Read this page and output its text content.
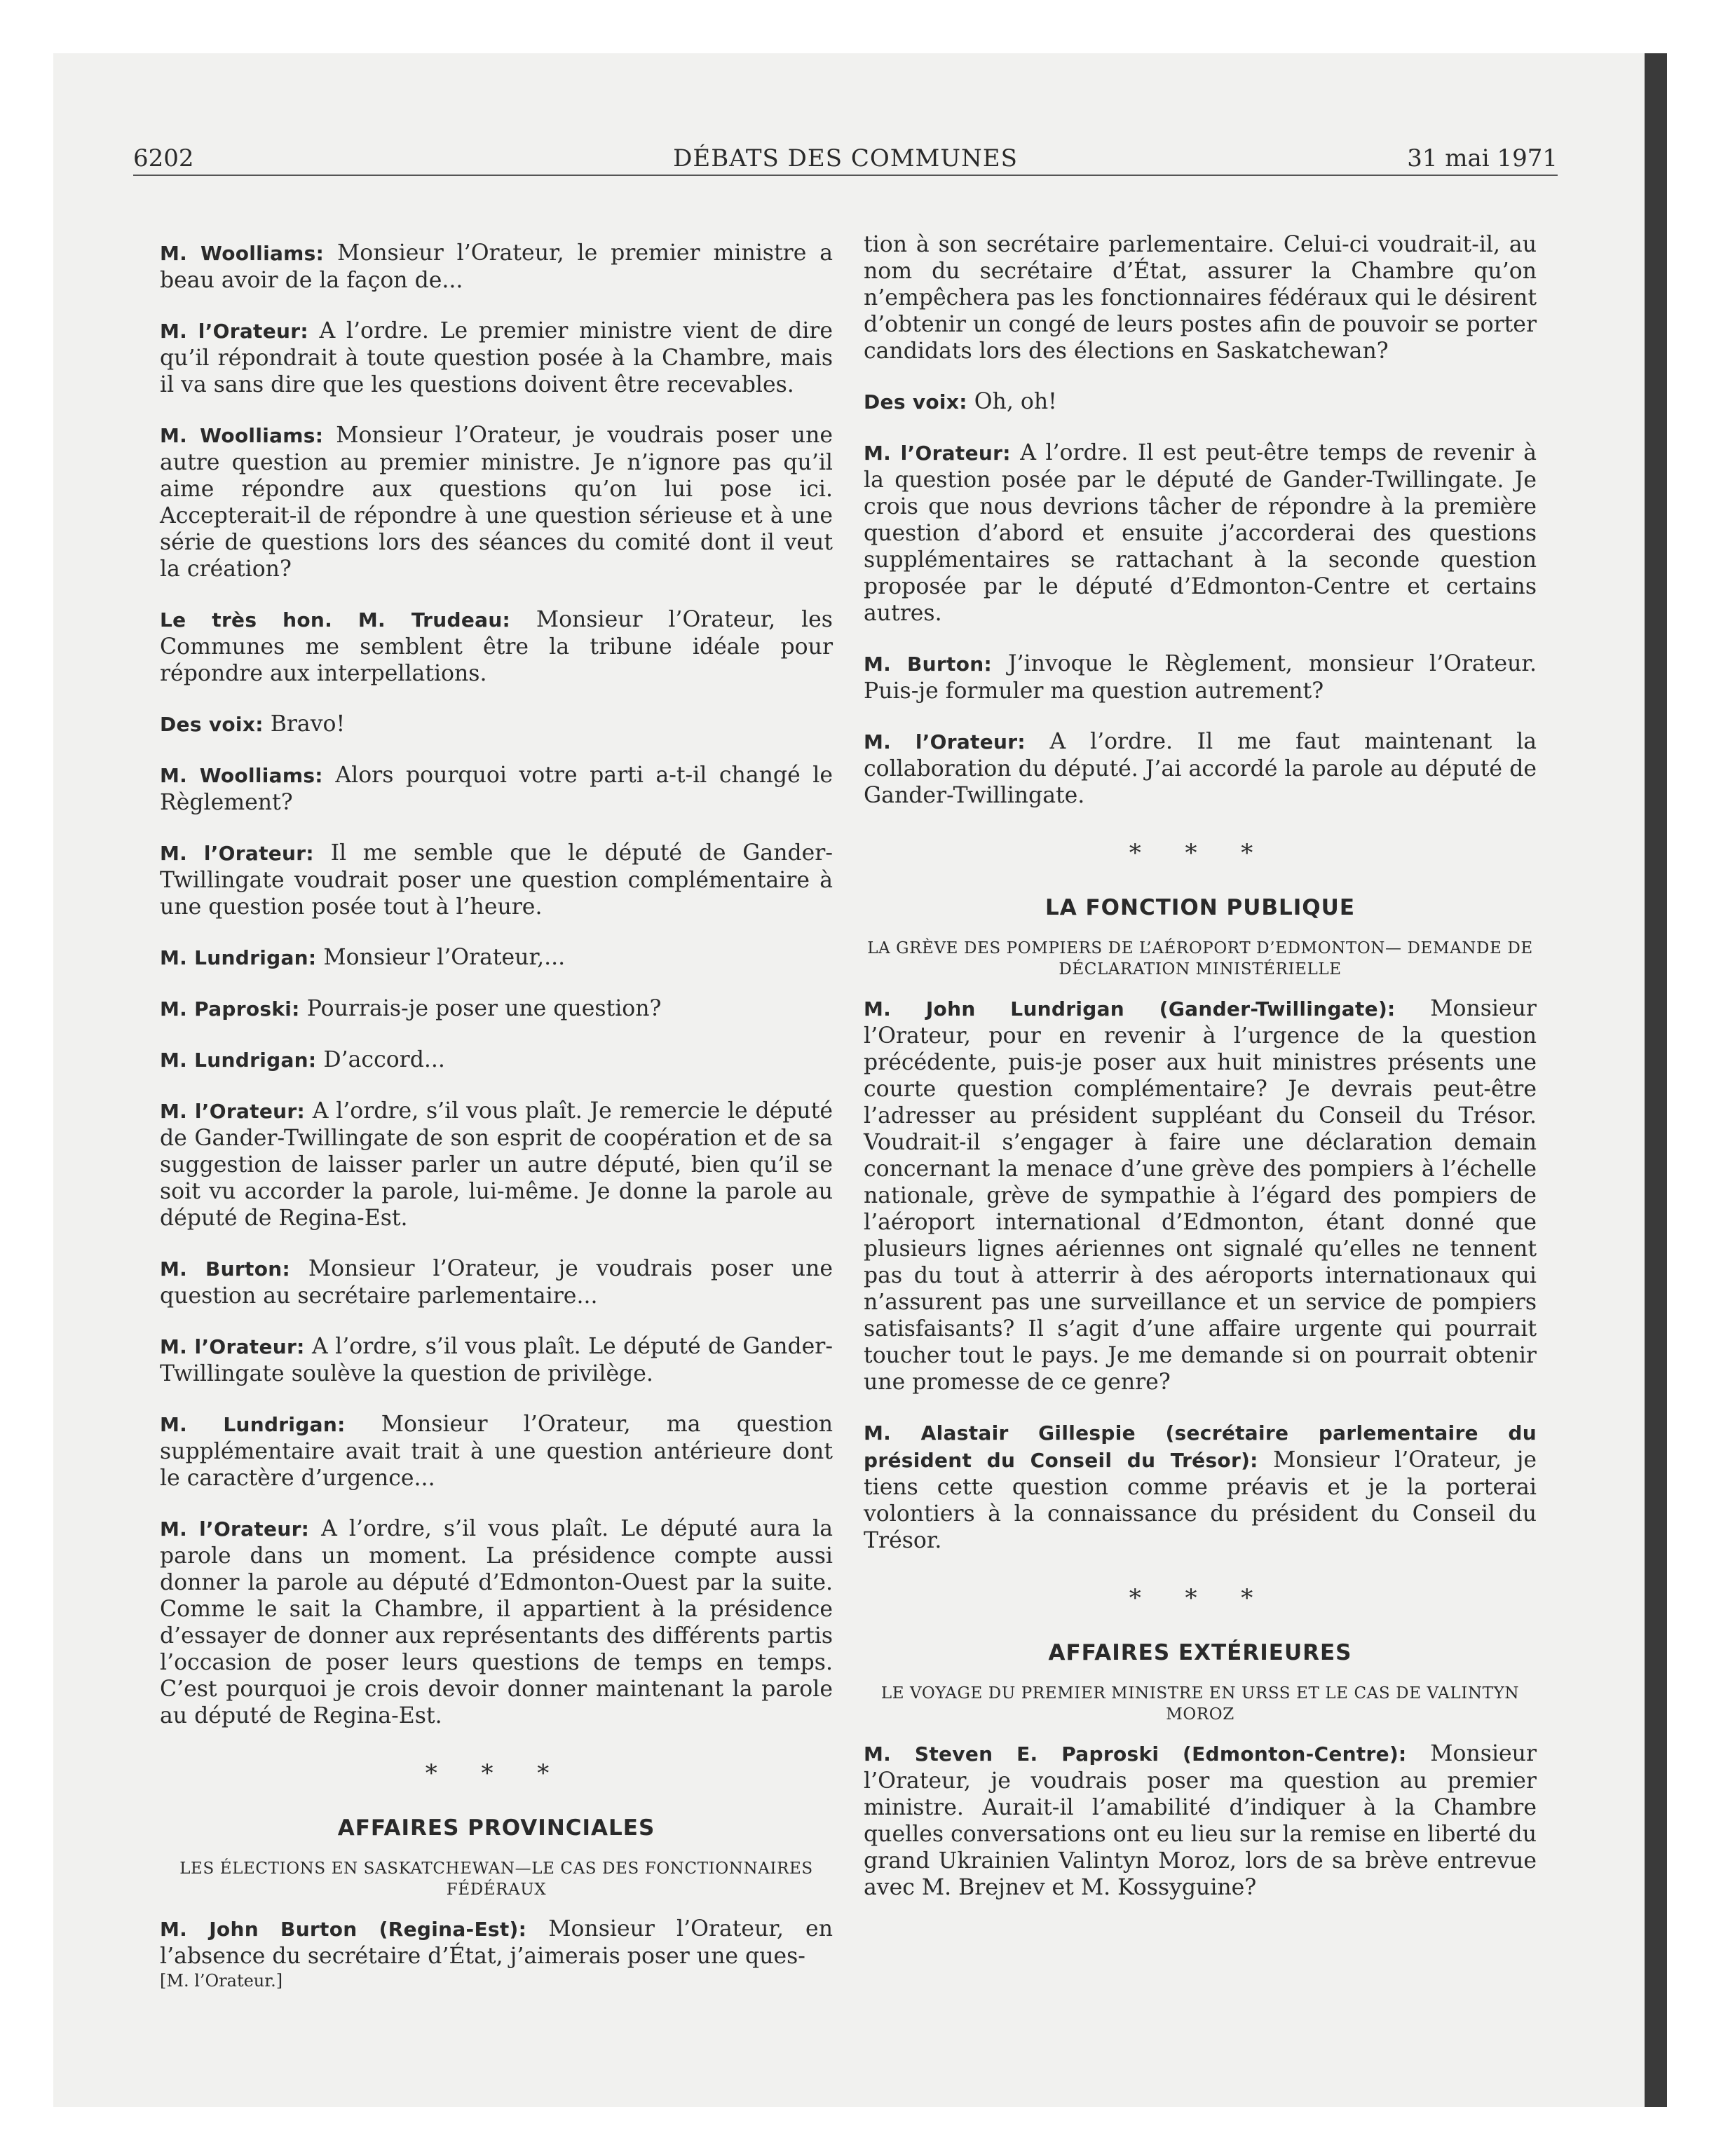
6202	DÉBATS DES COMMUNES	31 mai 1971

M. Woolliams: Monsieur l’Orateur, le premier ministre a beau avoir de la façon de...

M. l’Orateur: A l’ordre. Le premier ministre vient de dire qu’il répondrait à toute question posée à la Chambre, mais il va sans dire que les questions doivent être recevables.

M. Woolliams: Monsieur l’Orateur, je voudrais poser une autre question au premier ministre. Je n’ignore pas qu’il aime répondre aux questions qu’on lui pose ici. Accepterait-il de répondre à une question sérieuse et à une série de questions lors des séances du comité dont il veut la création?

Le très hon. M. Trudeau: Monsieur l’Orateur, les Communes me semblent être la tribune idéale pour répondre aux interpellations.

Des voix: Bravo!

M. Woolliams: Alors pourquoi votre parti a-t-il changé le Règlement?

M. l’Orateur: Il me semble que le député de Gander-Twillingate voudrait poser une question complémentaire à une question posée tout à l’heure.

M. Lundrigan: Monsieur l’Orateur,...

M. Paproski: Pourrais-je poser une question?

M. Lundrigan: D’accord...

M. l’Orateur: A l’ordre, s’il vous plaît. Je remercie le député de Gander-Twillingate de son esprit de coopération et de sa suggestion de laisser parler un autre député, bien qu’il se soit vu accorder la parole, lui-même. Je donne la parole au député de Regina-Est.

M. Burton: Monsieur l’Orateur, je voudrais poser une question au secrétaire parlementaire...

M. l’Orateur: A l’ordre, s’il vous plaît. Le député de Gander-Twillingate soulève la question de privilège.

M. Lundrigan: Monsieur l’Orateur, ma question supplémentaire avait trait à une question antérieure dont le caractère d’urgence...

M. l’Orateur: A l’ordre, s’il vous plaît. Le député aura la parole dans un moment. La présidence compte aussi donner la parole au député d’Edmonton-Ouest par la suite. Comme le sait la Chambre, il appartient à la présidence d’essayer de donner aux représentants des différents partis l’occasion de poser leurs questions de temps en temps. C’est pourquoi je crois devoir donner maintenant la parole au député de Regina-Est.

* * *
AFFAIRES PROVINCIALES
LES ÉLECTIONS EN SASKATCHEWAN—LE CAS DES FONCTIONNAIRES FÉDÉRAUX

M. John Burton (Regina-Est): Monsieur l’Orateur, en l’absence du secrétaire d’État, j’aimerais poser une ques-

[M. l’Orateur.]

tion à son secrétaire parlementaire. Celui-ci voudrait-il, au nom du secrétaire d’État, assurer la Chambre qu’on n’empêchera pas les fonctionnaires fédéraux qui le désirent d’obtenir un congé de leurs postes afin de pouvoir se porter candidats lors des élections en Saskatchewan?

Des voix: Oh, oh!

M. l’Orateur: A l’ordre. Il est peut-être temps de revenir à la question posée par le député de Gander-Twillingate. Je crois que nous devrions tâcher de répondre à la première question d’abord et ensuite j’accorderai des questions supplémentaires se rattachant à la seconde question proposée par le député d’Edmonton-Centre et certains autres.

M. Burton: J’invoque le Règlement, monsieur l’Orateur. Puis-je formuler ma question autrement?

M. l’Orateur: A l’ordre. Il me faut maintenant la collaboration du député. J’ai accordé la parole au député de Gander-Twillingate.

* * *
LA FONCTION PUBLIQUE
LA GRÈVE DES POMPIERS DE L’AÉROPORT D’EDMONTON— DEMANDE DE DÉCLARATION MINISTÉRIELLE

M. John Lundrigan (Gander-Twillingate): Monsieur l’Orateur, pour en revenir à l’urgence de la question précédente, puis-je poser aux huit ministres présents une courte question complémentaire? Je devrais peut-être l’adresser au président suppléant du Conseil du Trésor. Voudrait-il s’engager à faire une déclaration demain concernant la menace d’une grève des pompiers à l’échelle nationale, grève de sympathie à l’égard des pompiers de l’aéroport international d’Edmonton, étant donné que plusieurs lignes aériennes ont signalé qu’elles ne tennent pas du tout à atterrir à des aéroports internationaux qui n’assurent pas une surveillance et un service de pompiers satisfaisants? Il s’agit d’une affaire urgente qui pourrait toucher tout le pays. Je me demande si on pourrait obtenir une promesse de ce genre?

M. Alastair Gillespie (secrétaire parlementaire du président du Conseil du Trésor): Monsieur l’Orateur, je tiens cette question comme préavis et je la porterai volontiers à la connaissance du président du Conseil du Trésor.

* * *
AFFAIRES EXTÉRIEURES
LE VOYAGE DU PREMIER MINISTRE EN URSS ET LE CAS DE VALINTYN MOROZ

M. Steven E. Paproski (Edmonton-Centre): Monsieur l’Orateur, je voudrais poser ma question au premier ministre. Aurait-il l’amabilité d’indiquer à la Chambre quelles conversations ont eu lieu sur la remise en liberté du grand Ukrainien Valintyn Moroz, lors de sa brève entrevue avec M. Brejnev et M. Kossyguine?
